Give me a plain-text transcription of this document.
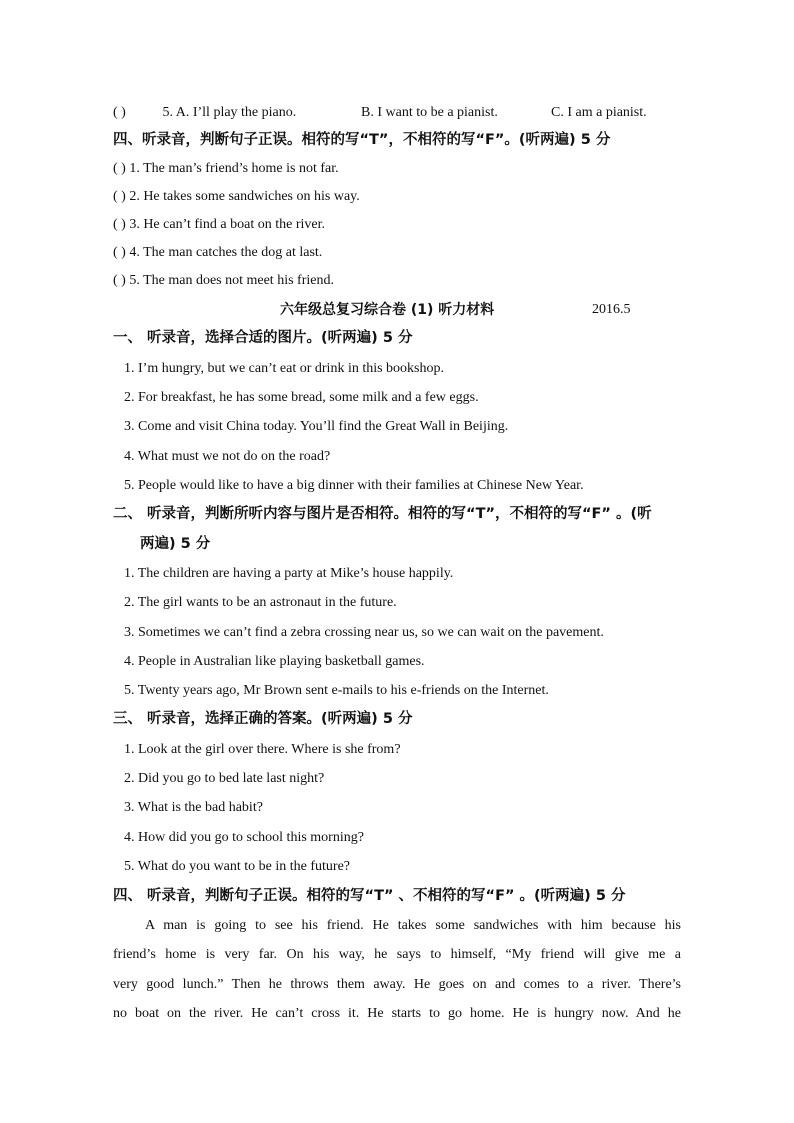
( )	5. A. I’ll play the piano.	B. I want to be a pianist.	C. I am a pianist.
四、听录音，判断句子正误。相符的写“T”，不相符的写“F”。(听两遍) 5 分
( ) 1. The man’s friend’s home is not far.
( ) 2. He takes some sandwiches on his way.
( ) 3. He can’t find a boat on the river.
( ) 4. The man catches the dog at last.
( ) 5. The man does not meet his friend.
六年级总复习综合卷 (1) 听力材料	2016.5
一、 听录音，选择合适的图片。(听两遍) 5 分
1. I’m hungry, but we can’t eat or drink in this bookshop.
2. For breakfast, he has some bread, some milk and a few eggs.
3. Come and visit China today. You’ll find the Great Wall in Beijing.
4. What must we not do on the road?
5. People would like to have a big dinner with their families at Chinese New Year.
二、 听录音，判断所听内容与图片是否相符。相符的写“T”，不相符的写“F” 。(听
两遍) 5 分
1. The children are having a party at Mike’s house happily.
2. The girl wants to be an astronaut in the future.
3. Sometimes we can’t find a zebra crossing near us, so we can wait on the pavement.
4. People in Australian like playing basketball games.
5. Twenty years ago, Mr Brown sent e-mails to his e-friends on the Internet.
三、 听录音，选择正确的答案。(听两遍) 5 分
1. Look at the girl over there. Where is she from?
2. Did you go to bed late last night?
3. What is the bad habit?
4. How did you go to school this morning?
5. What do you want to be in the future?
四、 听录音，判断句子正误。相符的写“T” 、不相符的写“F” 。(听两遍) 5 分
A man is going to see his friend. He takes some sandwiches with him because his
friend’s home is very far. On his way, he says to himself, “My friend will give me a
very good lunch.” Then he throws them away. He goes on and comes to a river. There’s
no boat on the river. He can’t cross it. He starts to go home. He is hungry now. And he
